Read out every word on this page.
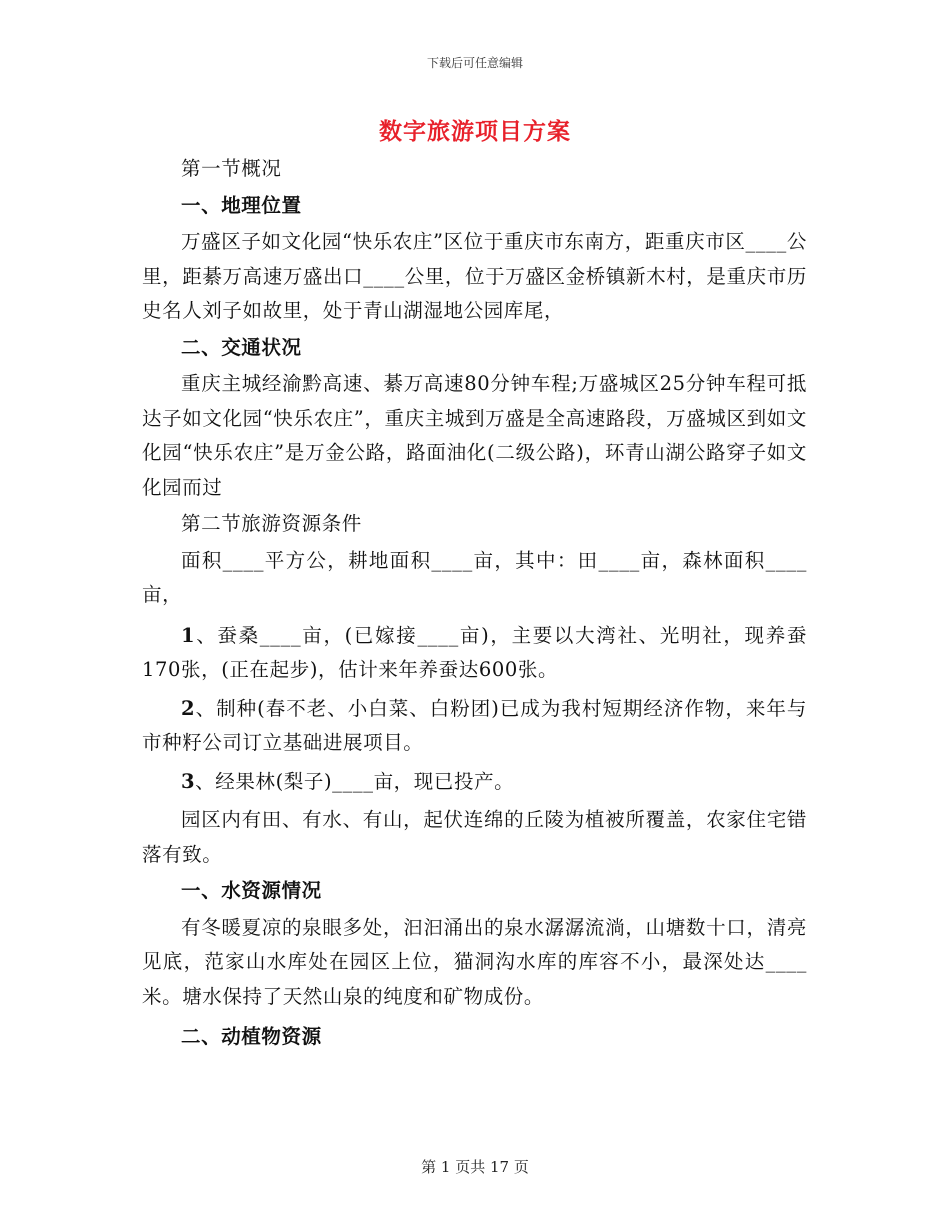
下载后可任意编辑
数字旅游项目方案

第一节概况

一、地理位置

万盛区子如文化园“快乐农庄”区位于重庆市东南方，距重庆市区____公里，距綦万高速万盛出口____公里，位于万盛区金桥镇新木村，是重庆市历史名人刘子如故里，处于青山湖湿地公园库尾，

二、交通状况

重庆主城经渝黔高速、綦万高速80分钟车程;万盛城区25分钟车程可抵达子如文化园“快乐农庄”，重庆主城到万盛是全高速路段，万盛城区到如文化园“快乐农庄”是万金公路，路面油化(二级公路)，环青山湖公路穿子如文化园而过

第二节旅游资源条件

面积____平方公，耕地面积____亩，其中：田____亩，森林面积____亩，

1、蚕桑____亩，(已嫁接____亩)，主要以大湾社、光明社，现养蚕170张，(正在起步)，估计来年养蚕达600张。

2、制种(春不老、小白菜、白粉团)已成为我村短期经济作物，来年与市种籽公司订立基础进展项目。

3、经果林(梨子)____亩，现已投产。

园区内有田、有水、有山，起伏连绵的丘陵为植被所覆盖，农家住宅错落有致。

一、水资源情况

有冬暖夏凉的泉眼多处，汩汩涌出的泉水潺潺流淌，山塘数十口，清亮见底，范家山水库处在园区上位，猫洞沟水库的库容不小，最深处达____米。塘水保持了天然山泉的纯度和矿物成份。

二、动植物资源

第 1 页共 17 页
